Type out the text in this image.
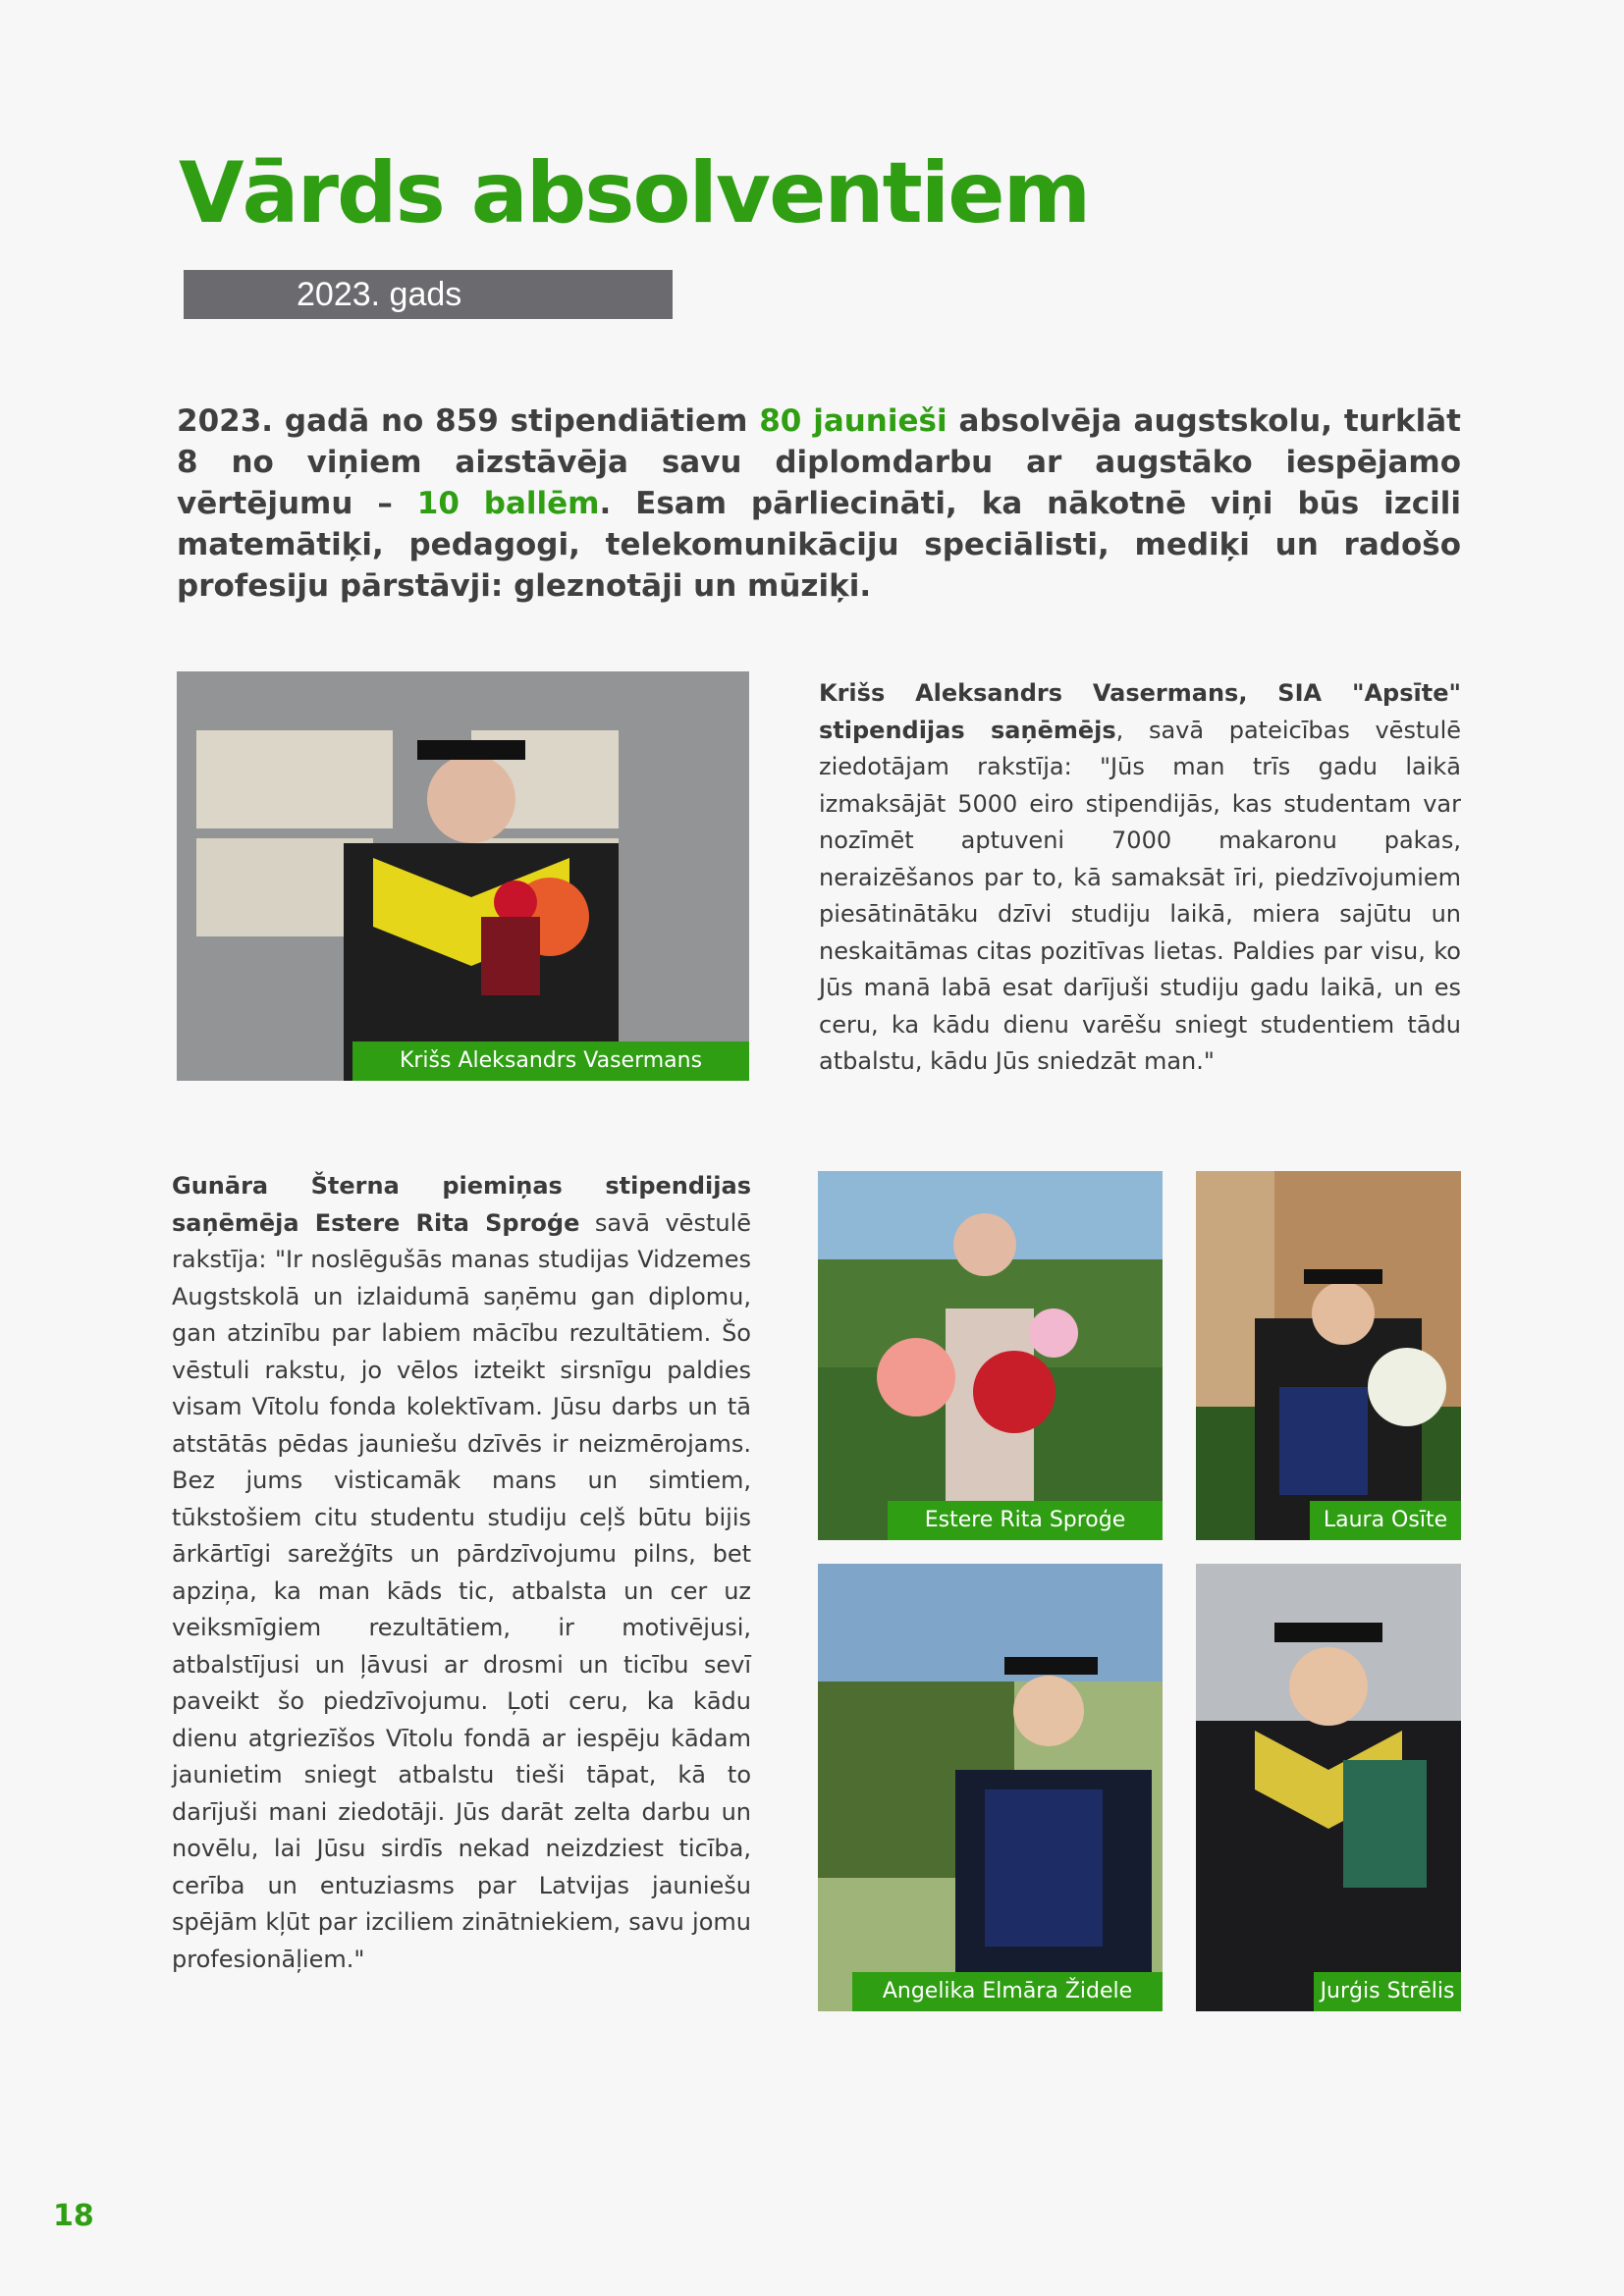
Vārds absolventiem
2023. gads

2023. gadā no 859 stipendiātiem 80 jaunieši absolvēja augstskolu, turklāt 8 no viņiem aizstāvēja savu diplomdarbu ar augstāko iespējamo vērtējumu – 10 ballēm. Esam pārliecināti, ka nākotnē viņi būs izcili matemātiķi, pedagogi, telekomunikāciju speciālisti, mediķi un radošo profesiju pārstāvji: gleznotāji un mūziķi.

Krišs Aleksandrs Vasermans

Krišs Aleksandrs Vasermans, SIA "Apsīte" stipendijas saņēmējs, savā pateicības vēstulē ziedotājam rakstīja: "Jūs man trīs gadu laikā izmaksājāt 5000 eiro stipendijās, kas studentam var nozīmēt aptuveni 7000 makaronu pakas, neraizēšanos par to, kā samaksāt īri, piedzīvojumiem piesātinātāku dzīvi studiju laikā, miera sajūtu un neskaitāmas citas pozitīvas lietas. Paldies par visu, ko Jūs manā labā esat darījuši studiju gadu laikā, un es ceru, ka kādu dienu varēšu sniegt studentiem tādu atbalstu, kādu Jūs sniedzāt man."

Gunāra Šterna piemiņas stipendijas saņēmēja Estere Rita Sproģe savā vēstulē rakstīja: "Ir noslēgušās manas studijas Vidzemes Augstskolā un izlaidumā saņēmu gan diplomu, gan atzinību par labiem mācību rezultātiem. Šo vēstuli rakstu, jo vēlos izteikt sirsnīgu paldies visam Vītolu fonda kolektīvam. Jūsu darbs un tā atstātās pēdas jauniešu dzīvēs ir neizmērojams. Bez jums visticamāk mans un simtiem, tūkstošiem citu studentu studiju ceļš būtu bijis ārkārtīgi sarežģīts un pārdzīvojumu pilns, bet apziņa, ka man kāds tic, atbalsta un cer uz veiksmīgiem rezultātiem, ir motivējusi, atbalstījusi un ļāvusi ar drosmi un ticību sevī paveikt šo piedzīvojumu. Ļoti ceru, ka kādu dienu atgriezīšos Vītolu fondā ar iespēju kādam jaunietim sniegt atbalstu tieši tāpat, kā to darījuši mani ziedotāji. Jūs darāt zelta darbu un novēlu, lai Jūsu sirdīs nekad neizdziest ticība, cerība un entuziasms par Latvijas jauniešu spējām kļūt par izciliem zinātniekiem, savu jomu profesionāļiem."

Estere Rita Sproģe	Laura Osīte
Angelika Elmāra Židele	Jurģis Strēlis
18
